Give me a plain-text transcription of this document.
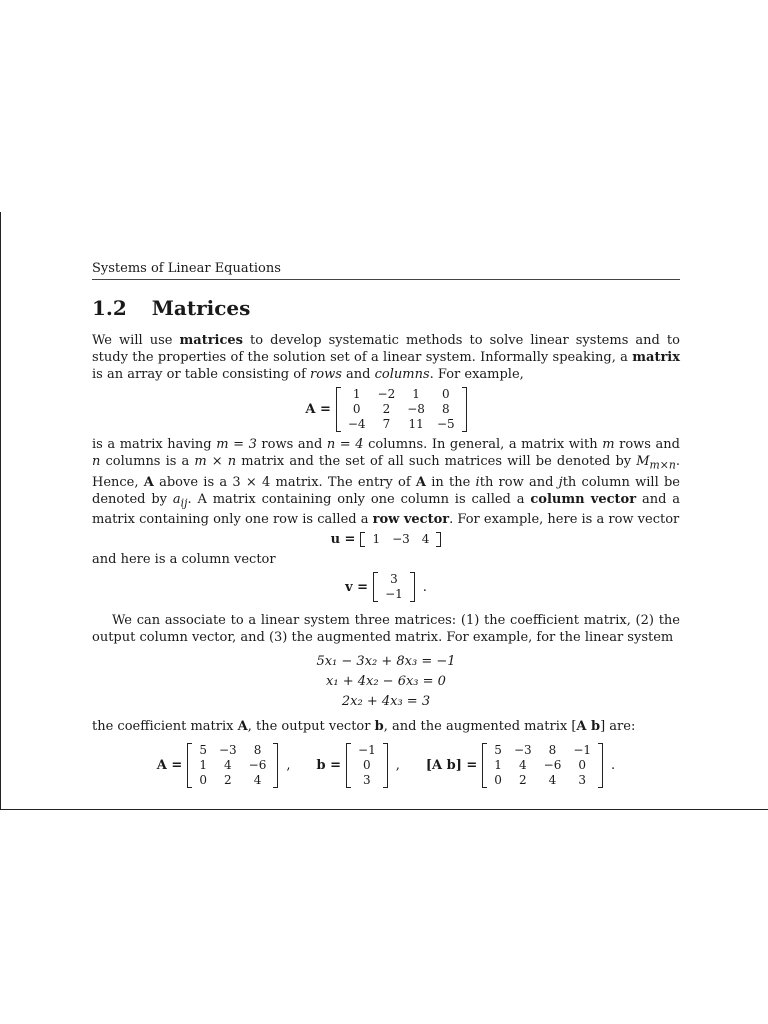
Systems of Linear Equations
1.2 Matrices

We will use matrices to develop systematic methods to solve linear systems and to study the properties of the solution set of a linear system. Informally speaking, a matrix is an array or table consisting of rows and columns. For example,

A =
1	−2	1	0
0	2	−8	8
−4	7	11	−5

is a matrix having m = 3 rows and n = 4 columns. In general, a matrix with m rows and n columns is a m × n matrix and the set of all such matrices will be denoted by $M_{m\times n}$. Hence, A above is a 3 × 4 matrix. The entry of A in the ith row and jth column will be denoted by $a_{ij}$. A matrix containing only one column is called a column vector and a matrix containing only one row is called a row vector. For example, here is a row vector

u = 1	−3	4

and here is a column vector

v =
3
−1 .

We can associate to a linear system three matrices: (1) the coefficient matrix, (2) the output column vector, and (3) the augmented matrix. For example, for the linear system

5x₁ − 3x₂ + 8x₃ = −1
x₁ + 4x₂ − 6x₃ = 0
2x₂ + 4x₃ = 3

the coefficient matrix A, the output vector b, and the augmented matrix [A b] are:

A =
5	−3	8
1	4	−6
0	2	4
, b =
−1
0
3
, [A b] =
5	−3	8	−1
1	4	−6	0
0	2	4	3
.
